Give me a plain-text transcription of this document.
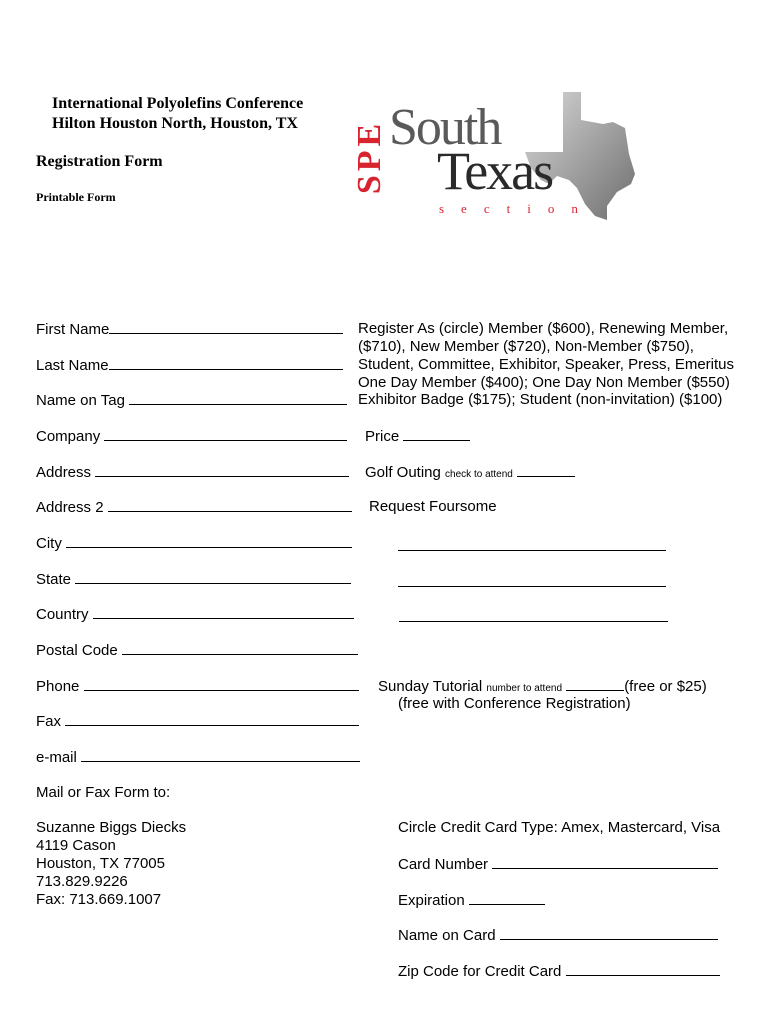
International Polyolefins Conference
Hilton Houston North, Houston, TX
Registration Form
Printable Form
SPE South
Texas
section
First Name
Last Name
Name on Tag
Company
Address
Address 2
City
State
Country
Postal Code
Phone
Fax
e-mail
Mail or Fax Form to:
Suzanne Biggs Diecks
4119 Cason
Houston, TX 77005
713.829.9226
Fax: 713.669.1007
Register As (circle) Member ($600), Renewing Member,
($710), New Member ($720), Non-Member ($750),
Student, Committee, Exhibitor, Speaker, Press, Emeritus
One Day Member ($400); One Day Non Member ($550)
Exhibitor Badge ($175); Student (non-invitation) ($100)
Price
Golf Outing check to attend
Request Foursome
Sunday Tutorial number to attend	(free or $25)
(free with Conference Registration)
Circle Credit Card Type: Amex, Mastercard, Visa
Card Number
Expiration
Name on Card
Zip Code for Credit Card
